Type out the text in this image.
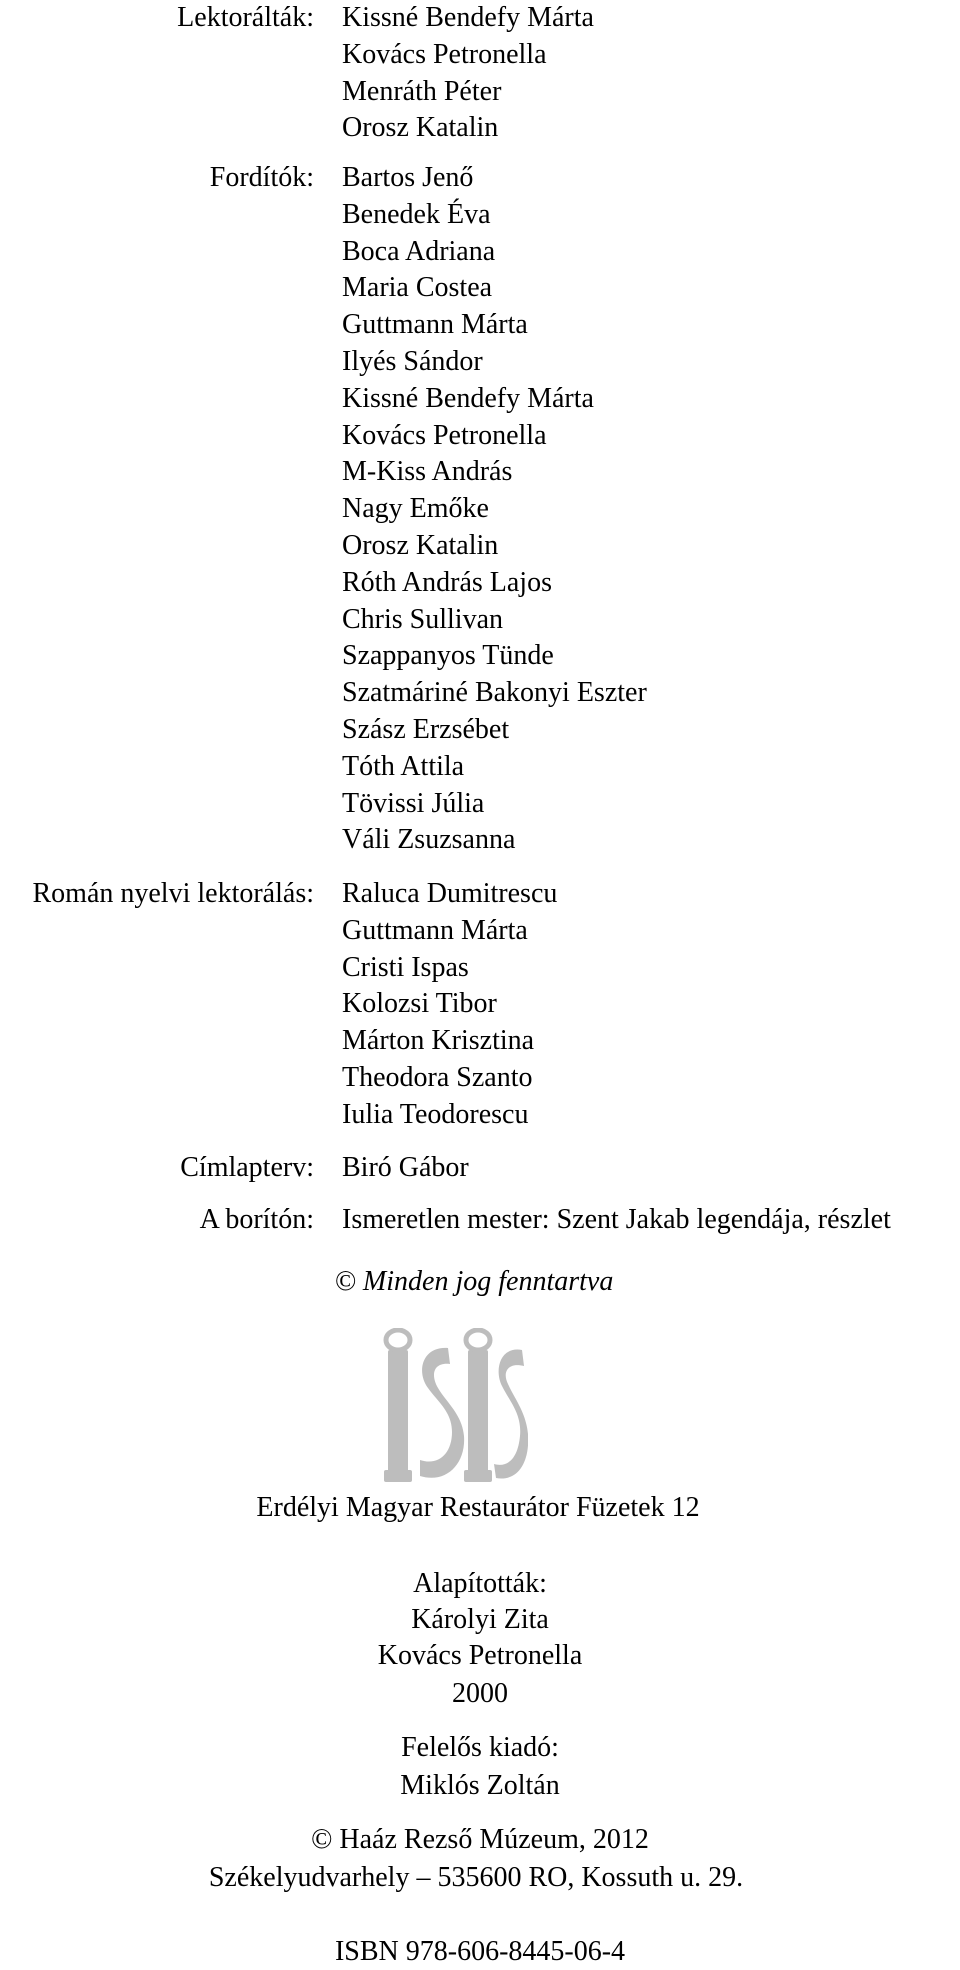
Lektorálták: Kissné Bendefy Márta
Kovács Petronella
Menráth Péter
Orosz Katalin
Fordítók: Bartos Jenő
Benedek Éva
Boca Adriana
Maria Costea
Guttmann Márta
Ilyés Sándor
Kissné Bendefy Márta
Kovács Petronella
M-Kiss András
Nagy Emőke
Orosz Katalin
Róth András Lajos
Chris Sullivan
Szappanyos Tünde
Szatmáriné Bakonyi Eszter
Szász Erzsébet
Tóth Attila
Tövissi Júlia
Váli Zsuzsanna
Román nyelvi lektorálás: Raluca Dumitrescu
Guttmann Márta
Cristi Ispas
Kolozsi Tibor
Márton Krisztina
Theodora Szanto
Iulia Teodorescu
Címlapterv: Biró Gábor
A borítón: Ismeretlen mester: Szent Jakab legendája, részlet
© Minden jog fenntartva
Erdélyi Magyar Restaurátor Füzetek 12
Alapították:
Károlyi Zita
Kovács Petronella
2000
Felelős kiadó:
Miklós Zoltán
© Haáz Rezső Múzeum, 2012
Székelyudvarhely – 535600 RO, Kossuth u. 29.
ISBN 978-606-8445-06-4
